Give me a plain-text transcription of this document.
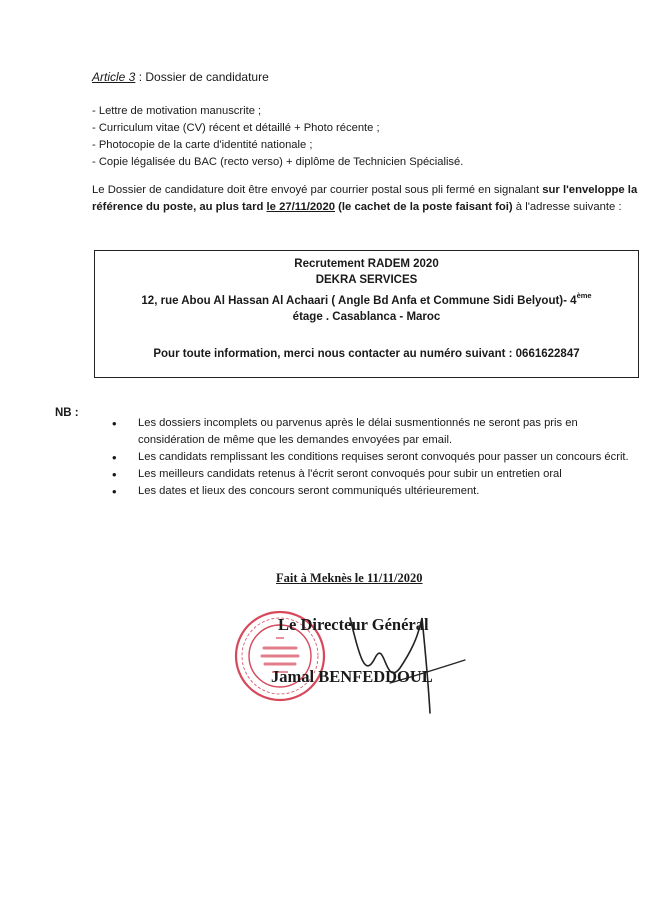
Article 3 : Dossier de candidature
- Lettre de motivation manuscrite ;
- Curriculum vitae (CV) récent et détaillé + Photo récente ;
- Photocopie de la carte d'identité nationale ;
- Copie légalisée du BAC (recto verso) + diplôme de Technicien Spécialisé.
Le Dossier de candidature doit être envoyé par courrier postal sous pli fermé en signalant sur l'enveloppe la référence du poste, au plus tard le 27/11/2020 (le cachet de la poste faisant foi) à l'adresse suivante :
Recrutement RADEM 2020
DEKRA SERVICES
12, rue Abou Al Hassan Al Achaari ( Angle Bd Anfa et Commune Sidi Belyout)- 4ème
étage . Casablanca - Maroc
Pour toute information, merci nous contacter au numéro suivant : 0661622847
NB :
• Les dossiers incomplets ou parvenus après le délai susmentionnés ne seront pas pris en considération de même que les demandes envoyées par email.
• Les candidats remplissant les conditions requises seront convoqués pour passer un concours écrit.
• Les meilleurs candidats retenus à l'écrit seront convoqués pour subir un entretien oral
• Les dates et lieux des concours seront communiqués ultérieurement.
Fait à Meknès le 11/11/2020
Le Directeur Général
Jamal BENFEDDOUL
